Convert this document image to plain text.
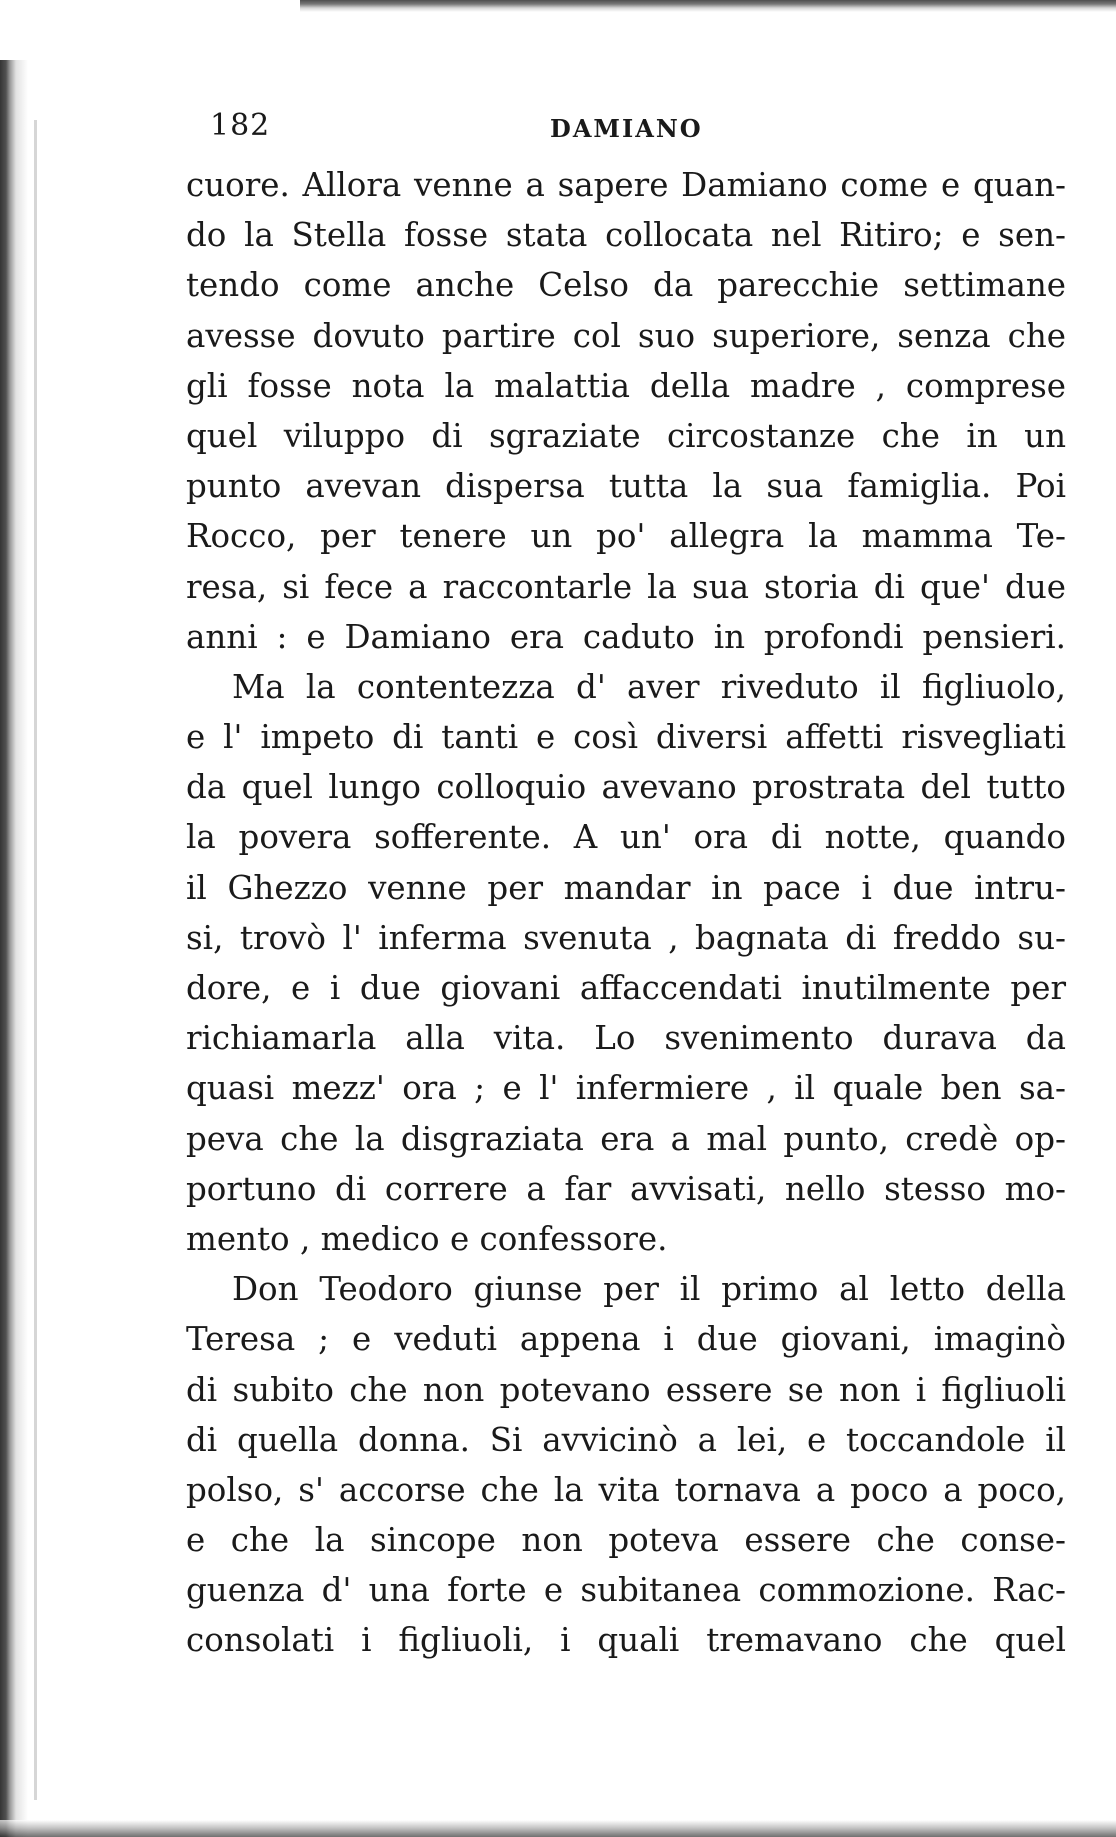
182	DAMIANO
cuore. Allora venne a sapere Damiano come e quan-
do la Stella fosse stata collocata nel Ritiro; e sen-
tendo come anche Celso da parecchie settimane
avesse dovuto partire col suo superiore, senza che
gli fosse nota la malattia della madre , comprese
quel viluppo di sgraziate circostanze che in un
punto avevan dispersa tutta la sua famiglia. Poi
Rocco, per tenere un po' allegra la mamma Te-
resa, si fece a raccontarle la sua storia di que' due
anni : e Damiano era caduto in profondi pensieri.
Ma la contentezza d' aver riveduto il figliuolo,
e l' impeto di tanti e così diversi affetti risvegliati
da quel lungo colloquio avevano prostrata del tutto
la povera sofferente. A un' ora di notte, quando
il Ghezzo venne per mandar in pace i due intru-
si, trovò l' inferma svenuta , bagnata di freddo su-
dore, e i due giovani affaccendati inutilmente per
richiamarla alla vita. Lo svenimento durava da
quasi mezz' ora ; e l' infermiere , il quale ben sa-
peva che la disgraziata era a mal punto, credè op-
portuno di correre a far avvisati, nello stesso mo-
mento , medico e confessore.
Don Teodoro giunse per il primo al letto della
Teresa ; e veduti appena i due giovani, imaginò
di subito che non potevano essere se non i figliuoli
di quella donna. Si avvicinò a lei, e toccandole il
polso, s' accorse che la vita tornava a poco a poco,
e che la sincope non poteva essere che conse-
guenza d' una forte e subitanea commozione. Rac-
consolati i figliuoli, i quali tremavano che quel
